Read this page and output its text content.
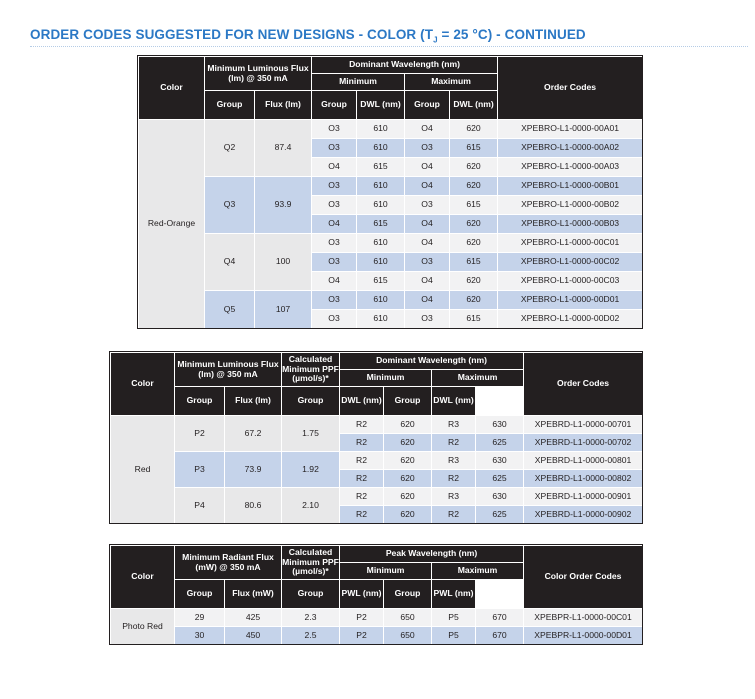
ORDER CODES SUGGESTED FOR NEW DESIGNS - COLOR ($T_J = 25$ °C) - CONTINUED
Color	Minimum Luminous Flux (lm) @ 350 mA		Dominant Wavelength (nm)				Order Codes
			Minimum		Maximum		
	Group	Flux (lm)	Group	DWL (nm)	Group	DWL (nm)	
Red-Orange	Q2	87.4	O3	610	O4	620	XPEBRO-L1-0000-00A01
			O3	610	O3	615	XPEBRO-L1-0000-00A02
			O4	615	O4	620	XPEBRO-L1-0000-00A03
	Q3	93.9	O3	610	O4	620	XPEBRO-L1-0000-00B01
			O3	610	O3	615	XPEBRO-L1-0000-00B02
			O4	615	O4	620	XPEBRO-L1-0000-00B03
	Q4	100	O3	610	O4	620	XPEBRO-L1-0000-00C01
			O3	610	O3	615	XPEBRO-L1-0000-00C02
			O4	615	O4	620	XPEBRO-L1-0000-00C03
	Q5	107	O3	610	O4	620	XPEBRO-L1-0000-00D01
			O3	610	O3	615	XPEBRO-L1-0000-00D02
Color	Minimum Luminous Flux (lm) @ 350 mA		Calculated Minimum PPF (µmol/s)*	Dominant Wavelength (nm)				Order Codes
				Minimum		Maximum		
	Group	Flux (lm)	Group	DWL (nm)	Group	DWL (nm)		
Red	P2	67.2	1.75	R2	620	R3	630	XPEBRD-L1-0000-00701
				R2	620	R2	625	XPEBRD-L1-0000-00702
	P3	73.9	1.92	R2	620	R3	630	XPEBRD-L1-0000-00801
				R2	620	R2	625	XPEBRD-L1-0000-00802
	P4	80.6	2.10	R2	620	R3	630	XPEBRD-L1-0000-00901
				R2	620	R2	625	XPEBRD-L1-0000-00902
Color	Minimum Radiant Flux (mW) @ 350 mA		Calculated Minimum PPF (µmol/s)*	Peak Wavelength (nm)				Color Order Codes
				Minimum		Maximum		
	Group	Flux (mW)	Group	PWL (nm)	Group	PWL (nm)		
Photo Red	29	425	2.3	P2	650	P5	670	XPEBPR-L1-0000-00C01
	30	450	2.5	P2	650	P5	670	XPEBPR-L1-0000-00D01
